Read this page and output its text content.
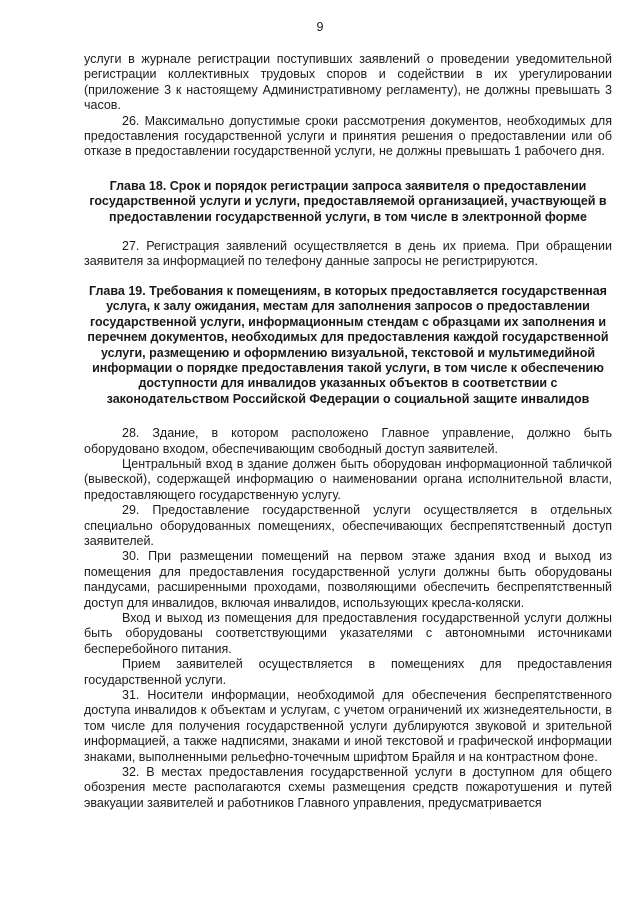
9

услуги в журнале регистрации поступивших заявлений о проведении уведомительной регистрации коллективных трудовых споров и содействии в их урегулировании (приложение 3 к настоящему Административному регламенту), не должны превышать 3 часов.

26. Максимально допустимые сроки рассмотрения документов, необходимых для предоставления государственной услуги и принятия решения о предоставлении или об отказе в предоставлении государственной услуги, не должны превышать 1 рабочего дня.

Глава 18. Срок и порядок регистрации запроса заявителя о предоставлении государственной услуги и услуги, предоставляемой организацией, участвующей в предоставлении государственной услуги, в том числе в электронной форме

27. Регистрация заявлений осуществляется в день их приема. При обращении заявителя за информацией по телефону данные запросы не регистрируются.

Глава 19. Требования к помещениям, в которых предоставляется государственная услуга, к залу ожидания, местам для заполнения запросов о предоставлении государственной услуги, информационным стендам с образцами их заполнения и перечнем документов, необходимых для предоставления каждой государственной услуги, размещению и оформлению визуальной, текстовой и мультимедийной информации о порядке предоставления такой услуги, в том числе к обеспечению доступности для инвалидов указанных объектов в соответствии с законодательством Российской Федерации о социальной защите инвалидов

28. Здание, в котором расположено Главное управление, должно быть оборудовано входом, обеспечивающим свободный доступ заявителей.

Центральный вход в здание должен быть оборудован информационной табличкой (вывеской), содержащей информацию о наименовании органа исполнительной власти, предоставляющего государственную услугу.

29. Предоставление государственной услуги осуществляется в отдельных специально оборудованных помещениях, обеспечивающих беспрепятственный доступ заявителей.

30. При размещении помещений на первом этаже здания вход и выход из помещения для предоставления государственной услуги должны быть оборудованы пандусами, расширенными проходами, позволяющими обеспечить беспрепятственный доступ для инвалидов, включая инвалидов, использующих кресла-коляски.

Вход и выход из помещения для предоставления государственной услуги должны быть оборудованы соответствующими указателями с автономными источниками бесперебойного питания.

Прием заявителей осуществляется в помещениях для предоставления государственной услуги.

31. Носители информации, необходимой для обеспечения беспрепятственного доступа инвалидов к объектам и услугам, с учетом ограничений их жизнедеятельности, в том числе для получения государственной услуги дублируются звуковой и зрительной информацией, а также надписями, знаками и иной текстовой и графической информации знаками, выполненными рельефно-точечным шрифтом Брайля и на контрастном фоне.

32. В местах предоставления государственной услуги в доступном для общего обозрения месте располагаются схемы размещения средств пожаротушения и путей эвакуации заявителей и работников Главного управления, предусматривается
